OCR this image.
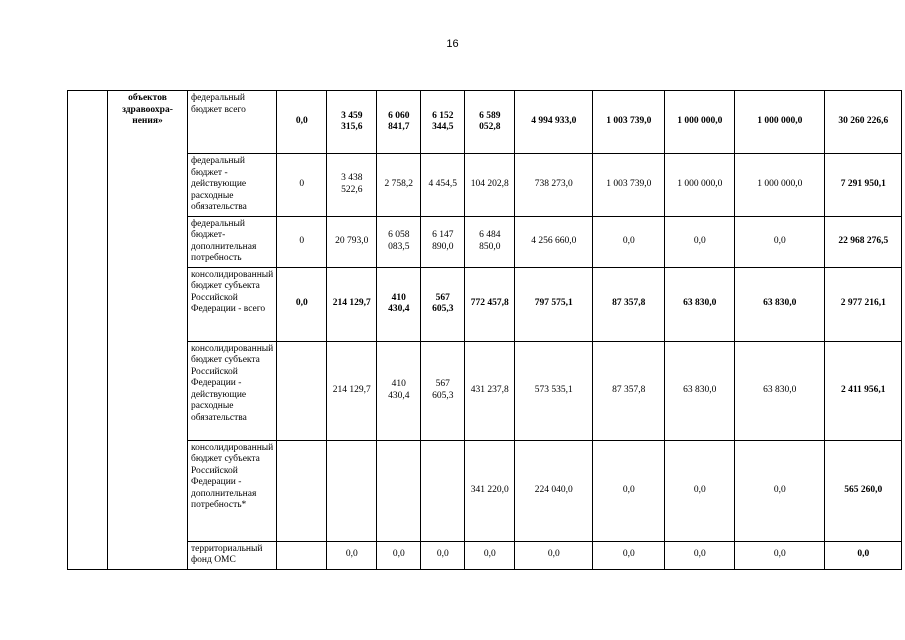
16
	объектов здравоохра-нения»	федеральный бюджет всего	0,0	3 459 315,6	6 060 841,7	6 152 344,5	6 589 052,8	4 994 933,0	1 003 739,0	1 000 000,0	1 000 000,0	30 260 226,6
		федеральный бюджет - действующие расходные обязательства	0	3 438 522,6	2 758,2	4 454,5	104 202,8	738 273,0	1 003 739,0	1 000 000,0	1 000 000,0	7 291 950,1
		федеральный бюджет- дополнительная потребность	0	20 793,0	6 058 083,5	6 147 890,0	6 484 850,0	4 256 660,0	0,0	0,0	0,0	22 968 276,5
		консолидированный бюджет субъекта Российской Федерации - всего	0,0	214 129,7	410 430,4	567 605,3	772 457,8	797 575,1	87 357,8	63 830,0	63 830,0	2 977 216,1
		консолидированный бюджет субъекта Российской Федерации - действующие расходные обязательства		214 129,7	410 430,4	567 605,3	431 237,8	573 535,1	87 357,8	63 830,0	63 830,0	2 411 956,1
		консолидированный бюджет субъекта Российской Федерации - дополнительная потребность*					341 220,0	224 040,0	0,0	0,0	0,0	565 260,0
		территориальный фонд ОМС		0,0	0,0	0,0	0,0	0,0	0,0	0,0	0,0	0,0
